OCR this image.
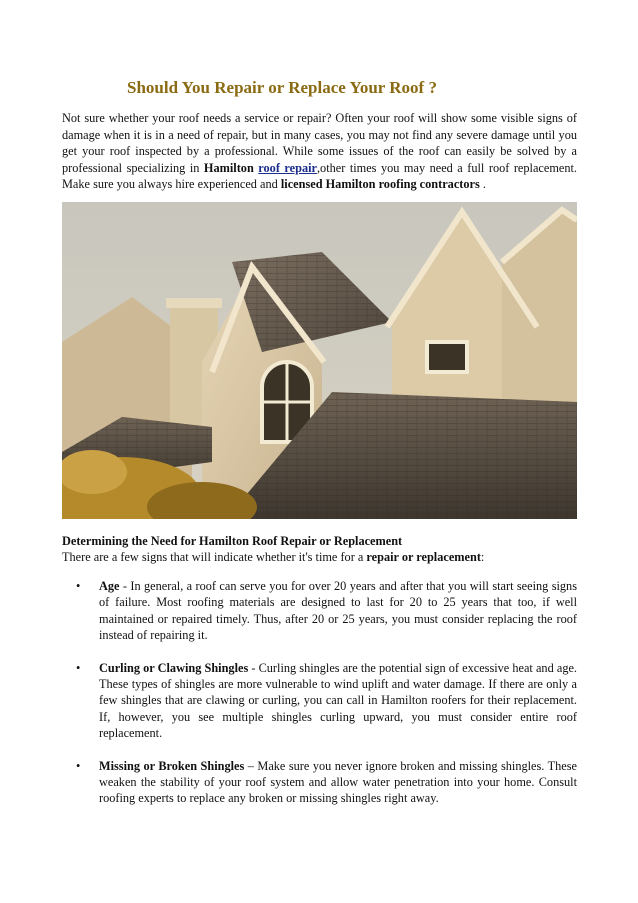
Should You Repair or Replace Your Roof ?

Not sure whether your roof needs a service or repair? Often your roof will show some visible signs of damage when it is in a need of repair, but in many cases, you may not find any severe damage until you get your roof inspected by a professional. While some issues of the roof can easily be solved by a professional specializing in Hamilton roof repair,other times you may need a full roof replacement. Make sure you always hire experienced and licensed Hamilton roofing contractors .

Determining the Need for Hamilton Roof Repair or Replacement
There are a few signs that will indicate whether it's time for a repair or replacement:
• Age - In general, a roof can serve you for over 20 years and after that you will start seeing signs of failure. Most roofing materials are designed to last for 20 to 25 years that too, if well maintained or repaired timely. Thus, after 20 or 25 years, you must consider replacing the roof instead of repairing it.
• Curling or Clawing Shingles - Curling shingles are the potential sign of excessive heat and age. These types of shingles are more vulnerable to wind uplift and water damage. If there are only a few shingles that are clawing or curling, you can call in Hamilton roofers for their replacement. If, however, you see multiple shingles curling upward, you must consider entire roof replacement.
• Missing or Broken Shingles – Make sure you never ignore broken and missing shingles. These weaken the stability of your roof system and allow water penetration into your home. Consult roofing experts to replace any broken or missing shingles right away.
